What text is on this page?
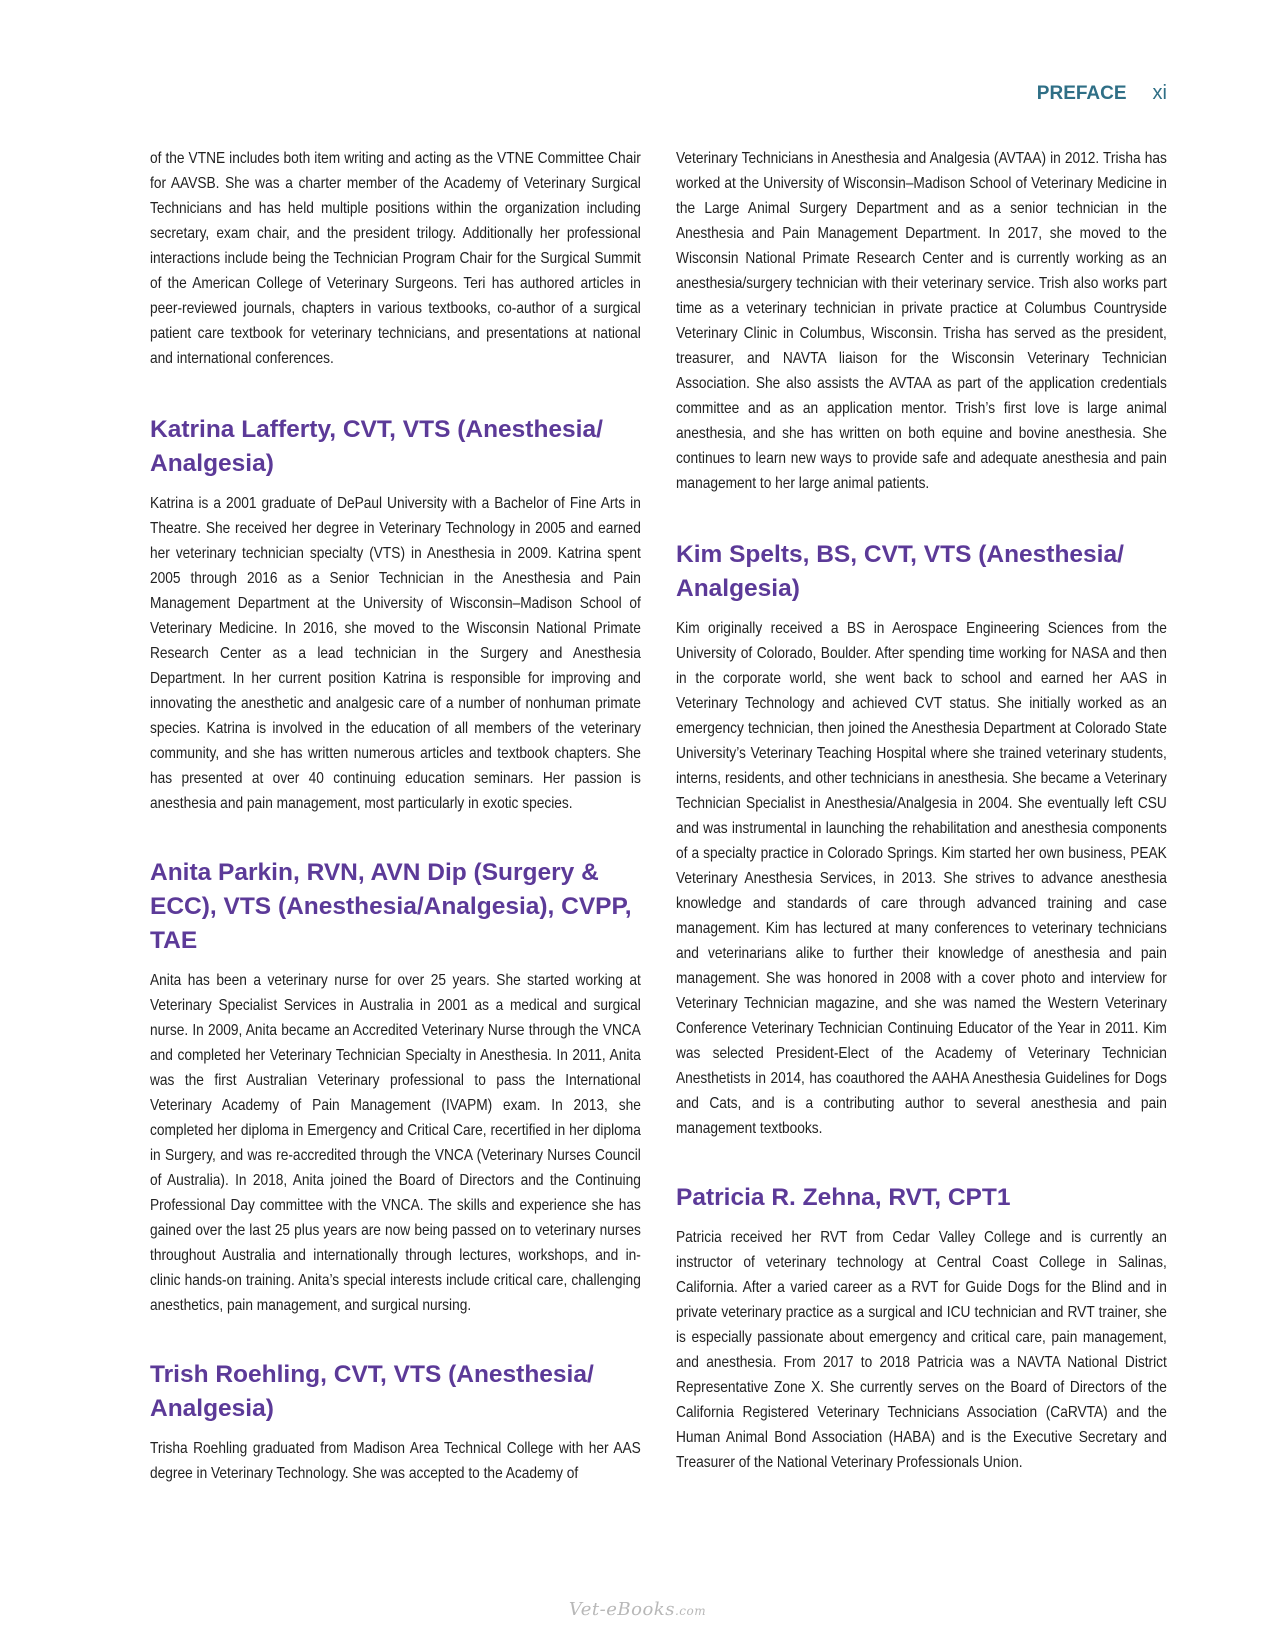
PREFACE xi

of the VTNE includes both item writing and acting as the VTNE Committee Chair for AAVSB. She was a charter member of the Academy of Veterinary Surgical Technicians and has held multiple positions within the organization including secretary, exam chair, and the president trilogy. Additionally her professional interactions include being the Technician Program Chair for the Surgical Summit of the American College of Veterinary Surgeons. Teri has authored articles in peer-reviewed journals, chapters in various textbooks, co-author of a surgical patient care textbook for veterinary technicians, and presentations at national and international conferences.

Katrina Lafferty, CVT, VTS (Anesthesia/ Analgesia)

Katrina is a 2001 graduate of DePaul University with a Bachelor of Fine Arts in Theatre. She received her degree in Veterinary Technology in 2005 and earned her veterinary technician specialty (VTS) in Anesthesia in 2009. Katrina spent 2005 through 2016 as a Senior Technician in the Anesthesia and Pain Management Department at the University of Wisconsin–Madison School of Veterinary Medicine. In 2016, she moved to the Wisconsin National Primate Research Center as a lead technician in the Surgery and Anesthesia Department. In her current position Katrina is responsible for improving and innovating the anesthetic and analgesic care of a number of nonhuman primate species. Katrina is involved in the education of all members of the veterinary community, and she has written numerous articles and textbook chapters. She has presented at over 40 continuing education seminars. Her passion is anesthesia and pain management, most particularly in exotic species.

Anita Parkin, RVN, AVN Dip (Surgery & ECC), VTS (Anesthesia/Analgesia), CVPP, TAE

Anita has been a veterinary nurse for over 25 years. She started working at Veterinary Specialist Services in Australia in 2001 as a medical and surgical nurse. In 2009, Anita became an Accredited Veterinary Nurse through the VNCA and completed her Veterinary Technician Specialty in Anesthesia. In 2011, Anita was the first Australian Veterinary professional to pass the International Veterinary Academy of Pain Management (IVAPM) exam. In 2013, she completed her diploma in Emergency and Critical Care, recertified in her diploma in Surgery, and was re-accredited through the VNCA (Veterinary Nurses Council of Australia). In 2018, Anita joined the Board of Directors and the Continuing Professional Day committee with the VNCA. The skills and experience she has gained over the last 25 plus years are now being passed on to veterinary nurses throughout Australia and internationally through lectures, workshops, and in-clinic hands-on training. Anita’s special interests include critical care, challenging anesthetics, pain management, and surgical nursing.

Trish Roehling, CVT, VTS (Anesthesia/ Analgesia)

Trisha Roehling graduated from Madison Area Technical College with her AAS degree in Veterinary Technology. She was accepted to the Academy of

Veterinary Technicians in Anesthesia and Analgesia (AVTAA) in 2012. Trisha has worked at the University of Wisconsin–Madison School of Veterinary Medicine in the Large Animal Surgery Department and as a senior technician in the Anesthesia and Pain Management Department. In 2017, she moved to the Wisconsin National Primate Research Center and is currently working as an anesthesia/surgery technician with their veterinary service. Trish also works part time as a veterinary technician in private practice at Columbus Countryside Veterinary Clinic in Columbus, Wisconsin. Trisha has served as the president, treasurer, and NAVTA liaison for the Wisconsin Veterinary Technician Association. She also assists the AVTAA as part of the application credentials committee and as an application mentor. Trish’s first love is large animal anesthesia, and she has written on both equine and bovine anesthesia. She continues to learn new ways to provide safe and adequate anesthesia and pain management to her large animal patients.

Kim Spelts, BS, CVT, VTS (Anesthesia/ Analgesia)

Kim originally received a BS in Aerospace Engineering Sciences from the University of Colorado, Boulder. After spending time working for NASA and then in the corporate world, she went back to school and earned her AAS in Veterinary Technology and achieved CVT status. She initially worked as an emergency technician, then joined the Anesthesia Department at Colorado State University’s Veterinary Teaching Hospital where she trained veterinary students, interns, residents, and other technicians in anesthesia. She became a Veterinary Technician Specialist in Anesthesia/Analgesia in 2004. She eventually left CSU and was instrumental in launching the rehabilitation and anesthesia components of a specialty practice in Colorado Springs. Kim started her own business, PEAK Veterinary Anesthesia Services, in 2013. She strives to advance anesthesia knowledge and standards of care through advanced training and case management. Kim has lectured at many conferences to veterinary technicians and veterinarians alike to further their knowledge of anesthesia and pain management. She was honored in 2008 with a cover photo and interview for Veterinary Technician magazine, and she was named the Western Veterinary Conference Veterinary Technician Continuing Educator of the Year in 2011. Kim was selected President-Elect of the Academy of Veterinary Technician Anesthetists in 2014, has coauthored the AAHA Anesthesia Guidelines for Dogs and Cats, and is a contributing author to several anesthesia and pain management textbooks.

Patricia R. Zehna, RVT, CPT1

Patricia received her RVT from Cedar Valley College and is currently an instructor of veterinary technology at Central Coast College in Salinas, California. After a varied career as a RVT for Guide Dogs for the Blind and in private veterinary practice as a surgical and ICU technician and RVT trainer, she is especially passionate about emergency and critical care, pain management, and anesthesia. From 2017 to 2018 Patricia was a NAVTA National District Representative Zone X. She currently serves on the Board of Directors of the California Registered Veterinary Technicians Association (CaRVTA) and the Human Animal Bond Association (HABA) and is the Executive Secretary and Treasurer of the National Veterinary Professionals Union.

Vet-eBooks.com
